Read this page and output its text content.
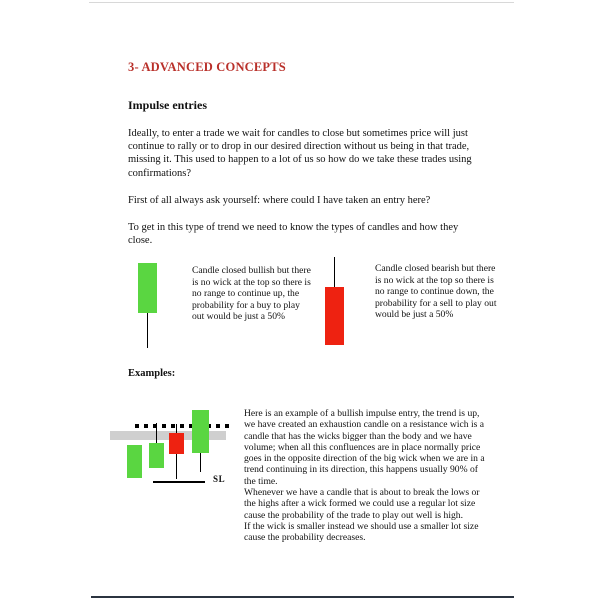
3- ADVANCED CONCEPTS
Impulse entries

Ideally, to enter a trade we wait for candles to close but sometimes price will just continue to rally or to drop in our desired direction without us being in that trade, missing it. This used to happen to a lot of us so how do we take these trades using confirmations?

First of all always ask yourself: where could I have taken an entry here?

To get in this type of trend we need to know the types of candles and how they close.

Candle closed bullish but there is no wick at the top so there is no range to continue up, the probability for a buy to play out would be just a 50%
Candle closed bearish but there is no wick at the top so there is no range to continue down, the probability for a sell to play out would be just a 50%
Examples:
SL

Here is an example of a bullish impulse entry, the trend is up, we have created an exhaustion candle on a resistance wich is a candle that has the wicks bigger than the body and we have volume; when all this confluences are in place normally price goes in the opposite direction of the big wick when we are in a trend continuing in its direction, this happens usually 90% of the time.

Whenever we have a candle that is about to break the lows or the highs after a wick formed we could use a regular lot size cause the probability of the trade to play out well is high.

If the wick is smaller instead we should use a smaller lot size cause the probability decreases.
